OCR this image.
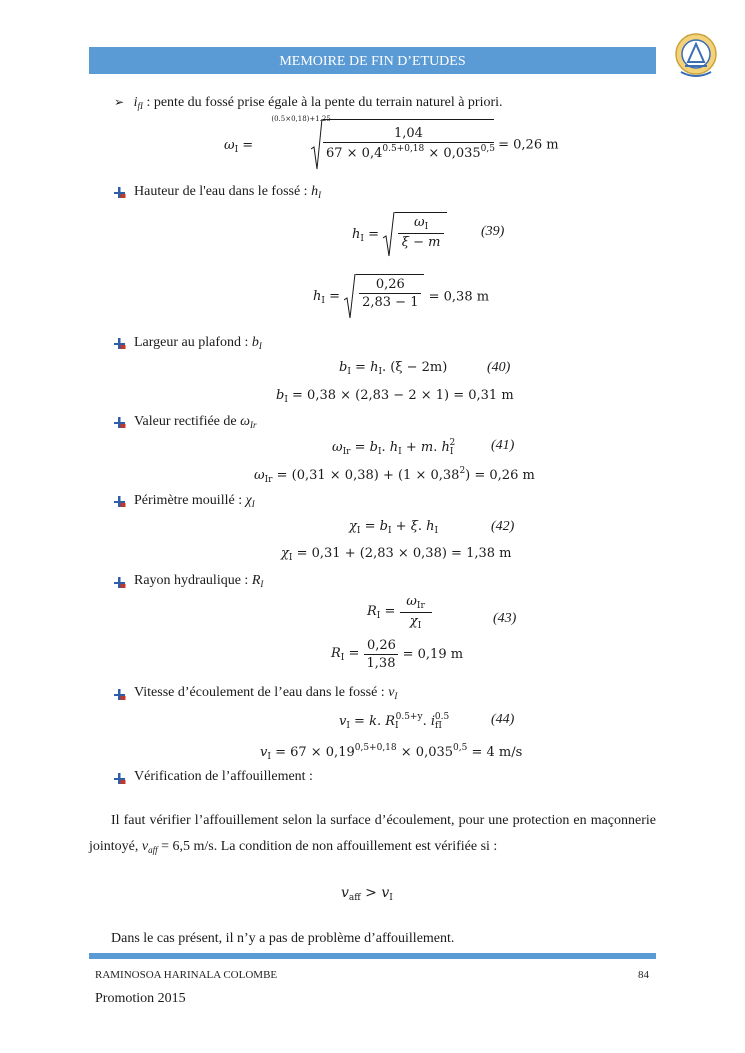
MEMOIRE DE FIN D’ETUDES
➢ $i_{fI}$ : pente du fossé prise égale à la pente du terrain naturel à priori.
$\omega_I = (0.5\times 0,18)+1.25$
$\frac{1,04}{67 \times 0,4^{0.5+0,18} \times 0,035^{0,5}} = 0,26$ m
Hauteur de l'eau dans le fossé : $h_I$
$h_I = \frac{\omega_I}{\xi - m}$	(39)
$h_I = \frac{0,26}{2,83 - 1} = 0,38$ m
Largeur au plafond : $b_I$
$b_I = h_I$. (ξ − 2m)	(40)
$b_I = 0,38 \times (2,83 - 2 \times 1) = 0,31$ m
Valeur rectifiée de $\omega_{Ir}$
$\omega_{Ir} = b_I$. $h_I + m$. $h_I^2$	(41)
$\omega_{Ir} = (0,31 \times 0,38) + (1 \times 0,38^2) = 0,26$ m
Périmètre mouillé : $\chi_I$
$\chi_I = b_I + \xi$. $h_I$	(42)
$\chi_I = 0,31 + (2,83 \times 0,38) = 1,38$ m
Rayon hydraulique : $R_I$
$R_I = \frac{\omega_{Ir}}{\chi_I}$	(43)
$R_I = \frac{0,26}{1,38} = 0,19$ m
Vitesse d’écoulement de l’eau dans le fossé : $v_I$
$v_I = k$. $R_I^{0.5+y}$. $i_{fI}^{0.5}$	(44)
$v_I = 67 \times 0,19^{0,5+0,18} \times 0,035^{0,5} = 4$ m/s
Vérification de l’affouillement :
Il faut vérifier l’affouillement selon la surface d’écoulement, pour une protection en maçonnerie jointoyé, $v_{aff} = 6,5$ m/s. La condition de non affouillement est vérifiée si :
$v_{aff} > v_I$
Dans le cas présent, il n’y a pas de problème d’affouillement.
RAMINOSOA HARINALA COLOMBE	84
Promotion 2015
